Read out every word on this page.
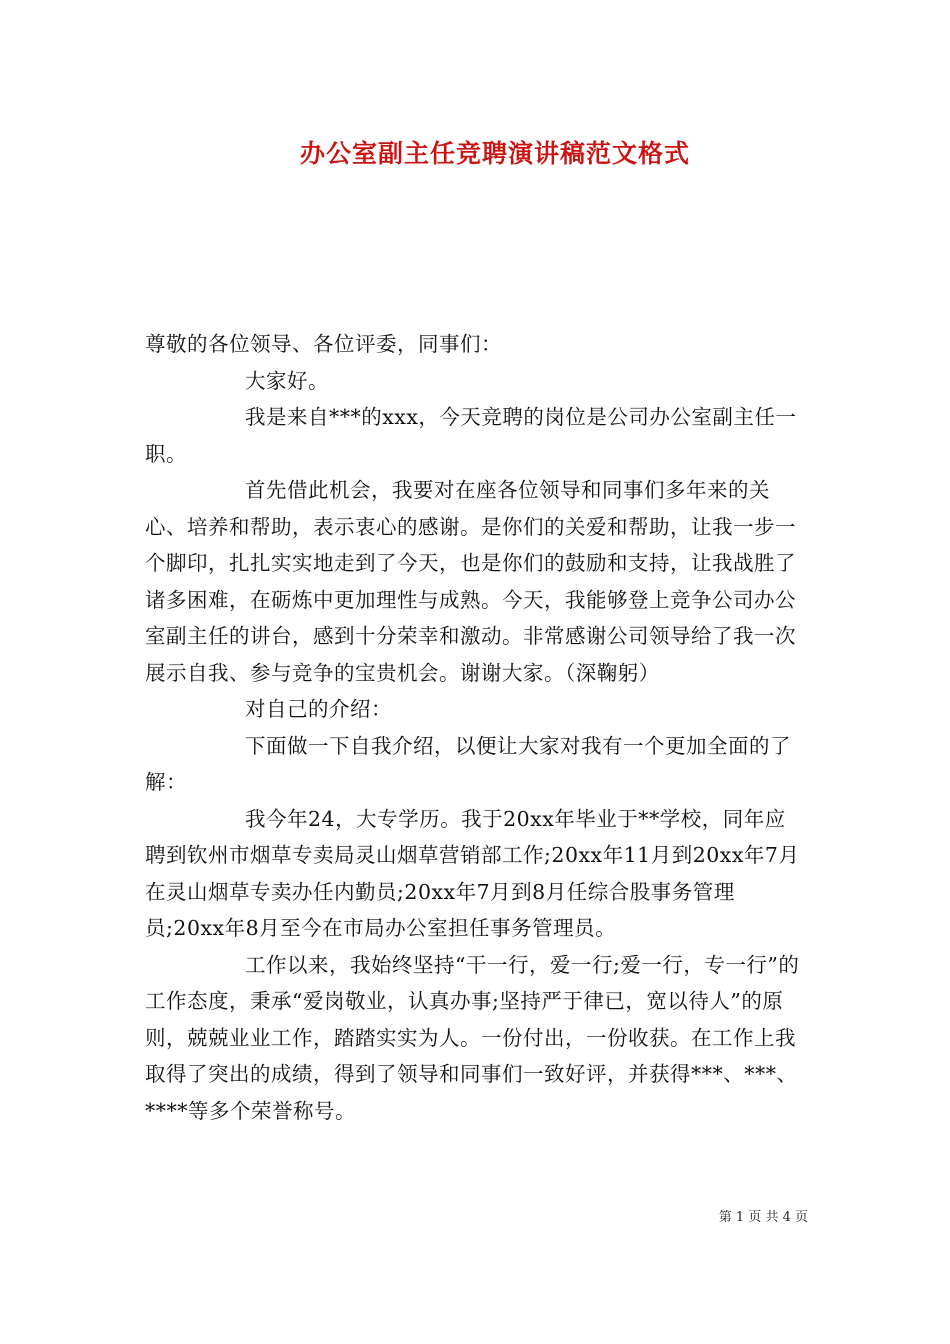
办公室副主任竞聘演讲稿范文格式

尊敬的各位领导、各位评委，同事们：

大家好。

我是来自***的xxx，今天竞聘的岗位是公司办公室副主任一职。

首先借此机会，我要对在座各位领导和同事们多年来的关心、培养和帮助，表示衷心的感谢。是你们的关爱和帮助，让我一步一个脚印，扎扎实实地走到了今天，也是你们的鼓励和支持，让我战胜了诸多困难，在砺炼中更加理性与成熟。今天，我能够登上竞争公司办公室副主任的讲台，感到十分荣幸和激动。非常感谢公司领导给了我一次展示自我、参与竞争的宝贵机会。谢谢大家。（深鞠躬）

对自己的介绍：

下面做一下自我介绍，以便让大家对我有一个更加全面的了解：

我今年24，大专学历。我于20xx年毕业于**学校，同年应聘到钦州市烟草专卖局灵山烟草营销部工作;20xx年11月到20xx年7月在灵山烟草专卖办任内勤员;20xx年7月到8月任综合股事务管理员;20xx年8月至今在市局办公室担任事务管理员。

工作以来，我始终坚持“干一行，爱一行;爱一行，专一行”的工作态度，秉承“爱岗敬业，认真办事;坚持严于律已，宽以待人”的原则，兢兢业业工作，踏踏实实为人。一份付出，一份收获。在工作上我取得了突出的成绩，得到了领导和同事们一致好评，并获得***、***、****等多个荣誉称号。

第 1 页 共 4 页
